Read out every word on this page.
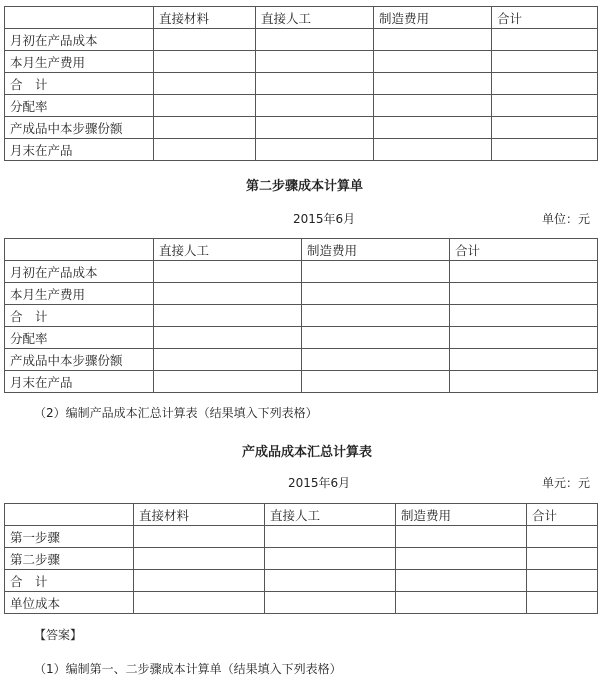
	直接材料	直接人工	制造费用	合计
月初在产品成本				
本月生产费用				
合　计				
分配率				
产成品中本步骤份额				
月末在产品				
第二步骤成本计算单
2015年6月	单位：元
	直接人工	制造费用	合计
月初在产品成本			
本月生产费用			
合　计			
分配率			
产成品中本步骤份额			
月末在产品			
（2）编制产品成本汇总计算表（结果填入下列表格）
产成品成本汇总计算表
2015年6月	单元：元
	直接材料	直接人工	制造费用	合计
第一步骤				
第二步骤				
合　计				
单位成本				
【答案】
（1）编制第一、二步骤成本计算单（结果填入下列表格）
